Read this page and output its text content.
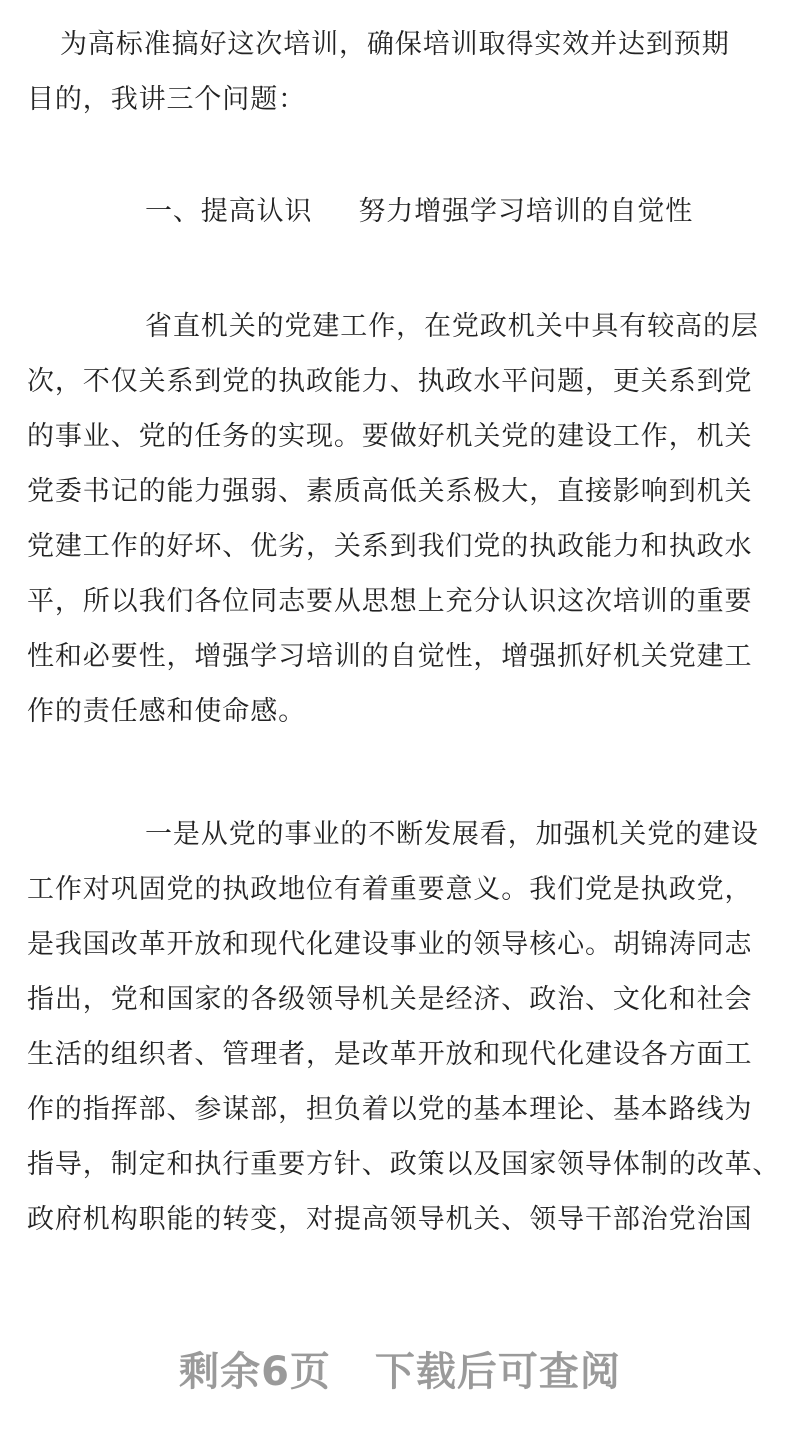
为高标准搞好这次培训，确保培训取得实效并达到预期
目的，我讲三个问题：
一、提高认识 努力增强学习培训的自觉性
省直机关的党建工作，在党政机关中具有较高的层
次，不仅关系到党的执政能力、执政水平问题，更关系到党
的事业、党的任务的实现。要做好机关党的建设工作，机关
党委书记的能力强弱、素质高低关系极大，直接影响到机关
党建工作的好坏、优劣，关系到我们党的执政能力和执政水
平，所以我们各位同志要从思想上充分认识这次培训的重要
性和必要性，增强学习培训的自觉性，增强抓好机关党建工
作的责任感和使命感。
一是从党的事业的不断发展看，加强机关党的建设
工作对巩固党的执政地位有着重要意义。我们党是执政党，
是我国改革开放和现代化建设事业的领导核心。胡锦涛同志
指出，党和国家的各级领导机关是经济、政治、文化和社会
生活的组织者、管理者，是改革开放和现代化建设各方面工
作的指挥部、参谋部，担负着以党的基本理论、基本路线为
指导，制定和执行重要方针、政策以及国家领导体制的改革、
政府机构职能的转变，对提高领导机关、领导干部治党治国
剩余6页 下载后可查阅
